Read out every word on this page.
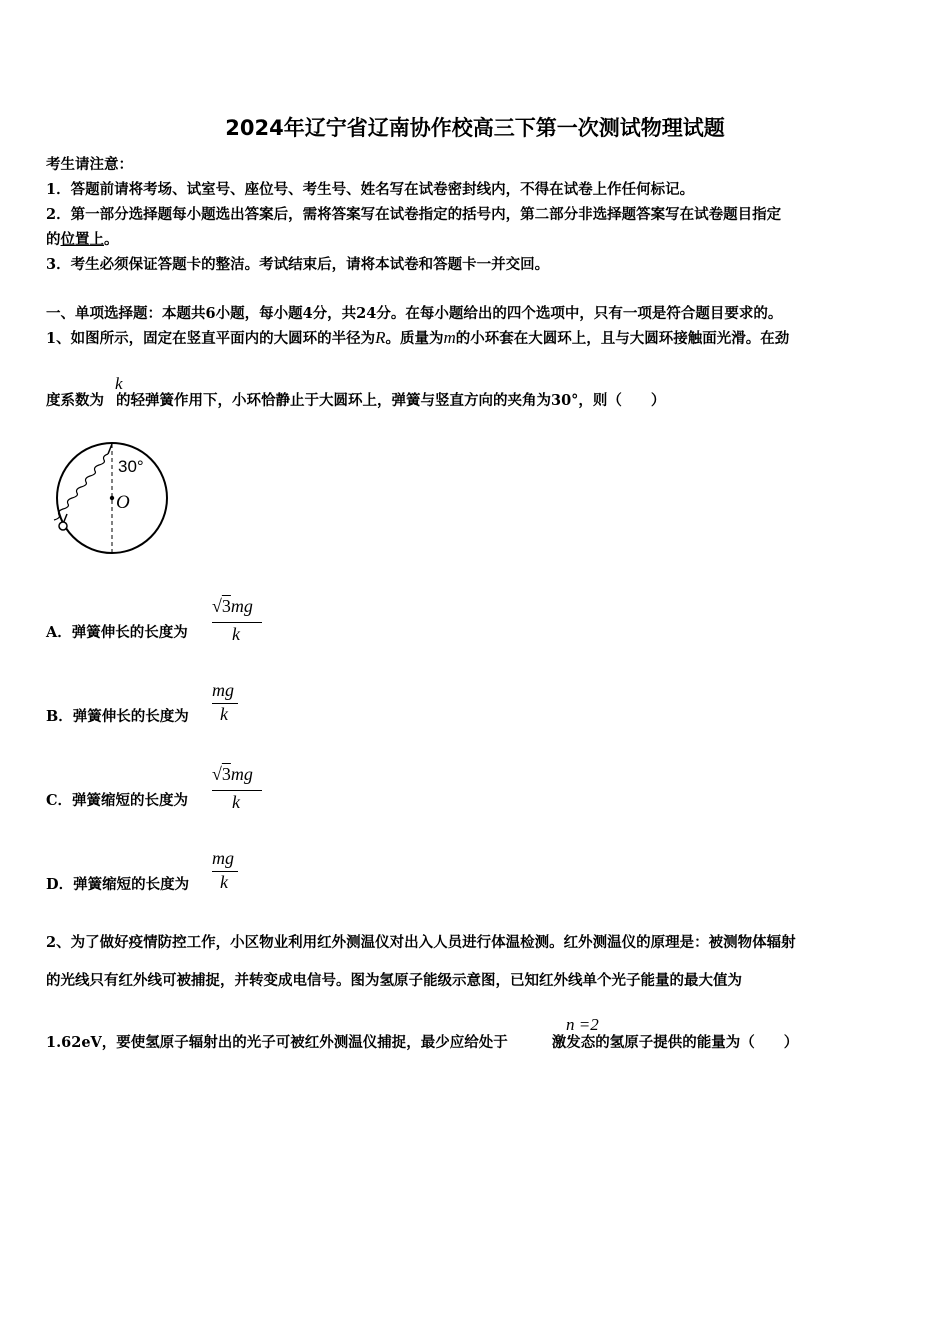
2024年辽宁省辽南协作校高三下第一次测试物理试题
考生请注意：
1．答题前请将考场、试室号、座位号、考生号、姓名写在试卷密封线内，不得在试卷上作任何标记。
2．第一部分选择题每小题选出答案后，需将答案写在试卷指定的括号内，第二部分非选择题答案写在试卷题目指定
的位置上。
3．考生必须保证答题卡的整洁。考试结束后，请将本试卷和答题卡一并交回。
一、单项选择题：本题共6小题，每小题4分，共24分。在每小题给出的四个选项中，只有一项是符合题目要求的。
1、如图所示，固定在竖直平面内的大圆环的半径为R。质量为m的小环套在大圆环上，且与大圆环接触面光滑。在劲
k
度系数为 的轻弹簧作用下，小环恰静止于大圆环上，弹簧与竖直方向的夹角为30°，则（　　）
30°
O
A．弹簧伸长的长度为
√3mg
k
B．弹簧伸长的长度为
mg
k
C．弹簧缩短的长度为
√3mg
k
D．弹簧缩短的长度为
mg
k
2、为了做好疫情防控工作，小区物业利用红外测温仪对出入人员进行体温检测。红外测温仪的原理是：被测物体辐射
的光线只有红外线可被捕捉，并转变成电信号。图为氢原子能级示意图，已知红外线单个光子能量的最大值为
n =2
1.62eV，要使氢原子辐射出的光子可被红外测温仪捕捉，最少应给处于	激发态的氢原子提供的能量为（　　）
